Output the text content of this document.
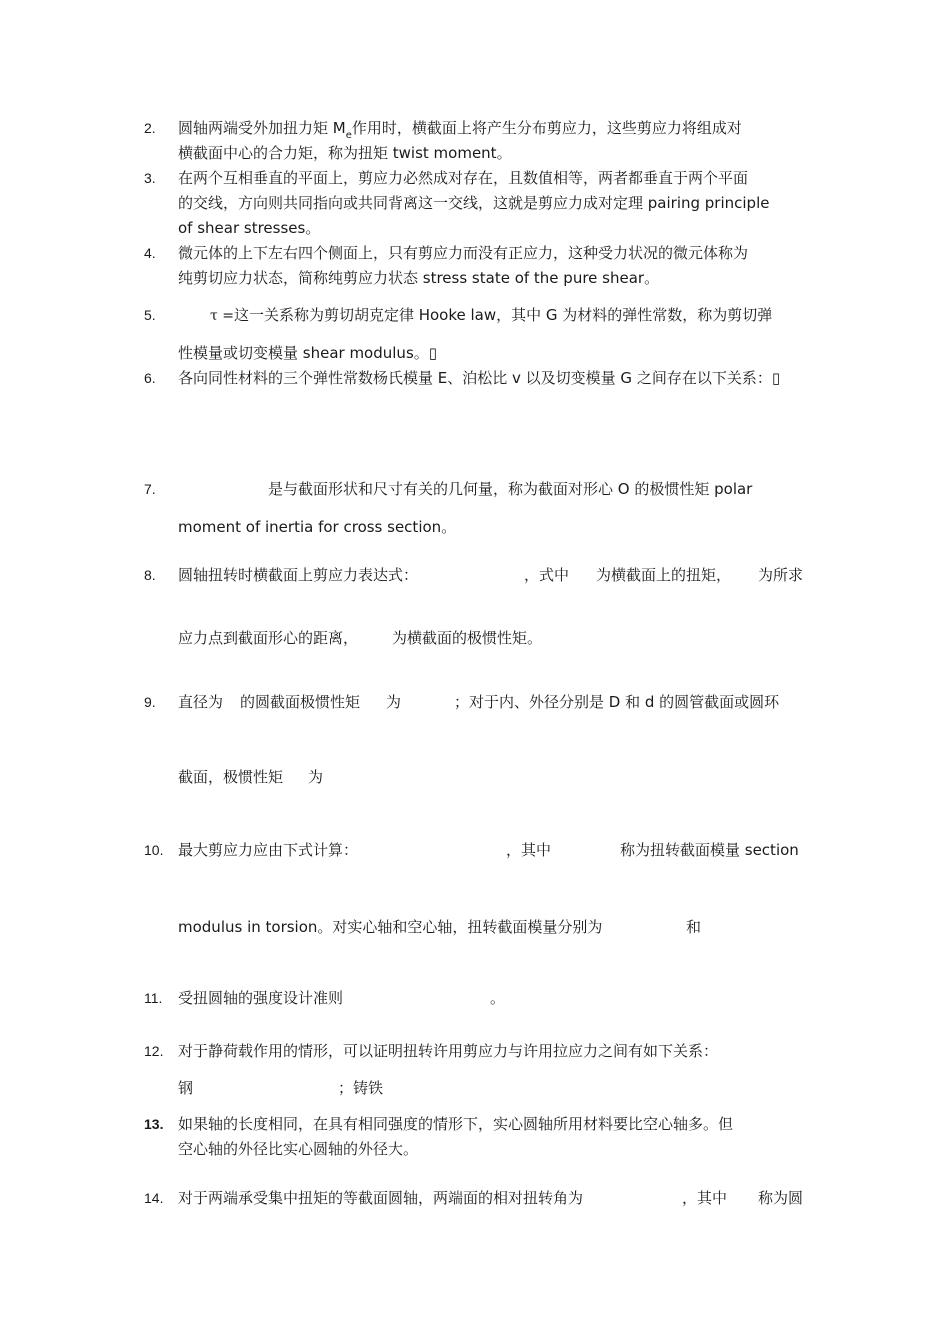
2.	圆轴两端受外加扭力矩 $M_e$作用时，横截面上将产生分布剪应力，这些剪应力将组成对
横截面中心的合力矩，称为扭矩 twist moment。
3.	在两个互相垂直的平面上，剪应力必然成对存在，且数值相等，两者都垂直于两个平面
的交线，方向则共同指向或共同背离这一交线，这就是剪应力成对定理 pairing principle
of shear stresses。
4.	微元体的上下左右四个侧面上，只有剪应力而没有正应力，这种受力状况的微元体称为
纯剪切应力状态，简称纯剪应力状态 stress state of the pure shear。
5.	τ =这一关系称为剪切胡克定律 Hooke law，其中 G 为材料的弹性常数，称为剪切弹
性模量或切变模量 shear modulus。▯
6.	各向同性材料的三个弹性常数杨氏模量 E、泊松比 v 以及切变模量 G 之间存在以下关系：▯
7.	是与截面形状和尺寸有关的几何量，称为截面对形心 O 的极惯性矩 polar
moment of inertia for cross section。
8.	圆轴扭转时横截面上剪应力表达式：	，式中	为横截面上的扭矩，	为所求
应力点到截面形心的距离，	为横截面的极惯性矩。
9.	直径为	的圆截面极惯性矩	为	；对于内、外径分别是 D 和 d 的圆管截面或圆环
截面，极惯性矩	为
10. 最大剪应力应由下式计算：	，其中	称为扭转截面模量 section
modulus in torsion。对实心轴和空心轴，扭转截面模量分别为	和
11.	受扭圆轴的强度设计准则	。
12. 对于静荷载作用的情形，可以证明扭转许用剪应力与许用拉应力之间有如下关系：
钢	；铸铁
13. 如果轴的长度相同，在具有相同强度的情形下，实心圆轴所用材料要比空心轴多。但
空心轴的外径比实心圆轴的外径大。
14. 对于两端承受集中扭矩的等截面圆轴，两端面的相对扭转角为	，其中	称为圆
